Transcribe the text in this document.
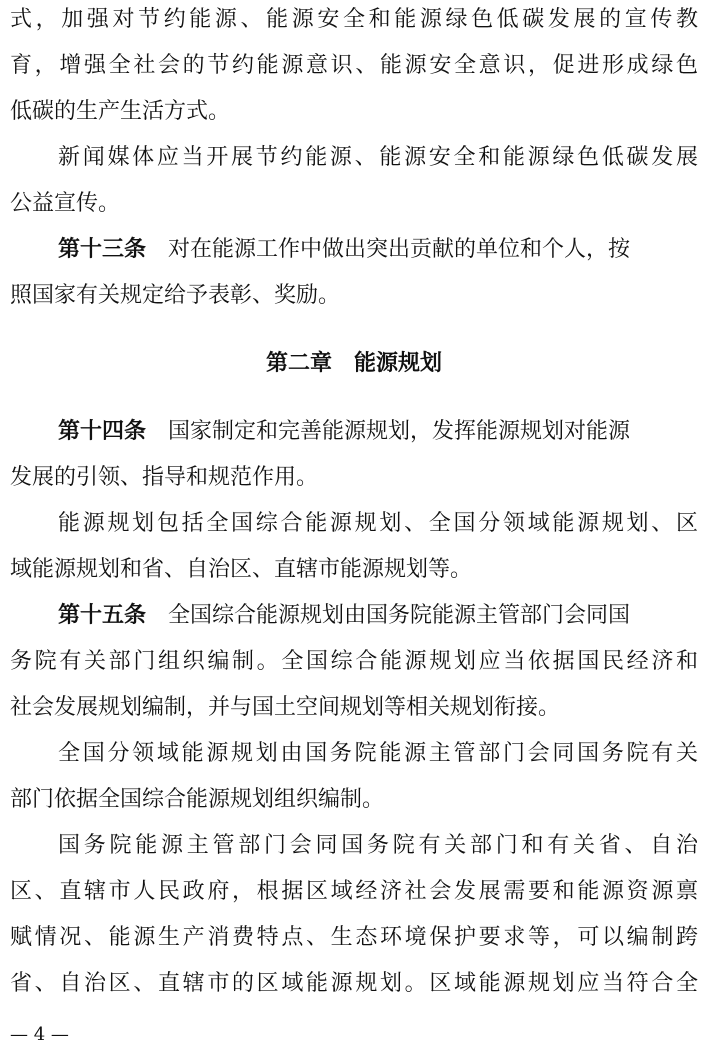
式，加强对节约能源、能源安全和能源绿色低碳发展的宣传教
育，增强全社会的节约能源意识、能源安全意识，促进形成绿色
低碳的生产生活方式。
新闻媒体应当开展节约能源、能源安全和能源绿色低碳发展
公益宣传。
第十三条 对在能源工作中做出突出贡献的单位和个人，按
照国家有关规定给予表彰、奖励。
第二章　能源规划
第十四条 国家制定和完善能源规划，发挥能源规划对能源
发展的引领、指导和规范作用。
能源规划包括全国综合能源规划、全国分领域能源规划、区
域能源规划和省、自治区、直辖市能源规划等。
第十五条 全国综合能源规划由国务院能源主管部门会同国
务院有关部门组织编制。全国综合能源规划应当依据国民经济和
社会发展规划编制，并与国土空间规划等相关规划衔接。
全国分领域能源规划由国务院能源主管部门会同国务院有关
部门依据全国综合能源规划组织编制。
国务院能源主管部门会同国务院有关部门和有关省、自治
区、直辖市人民政府，根据区域经济社会发展需要和能源资源禀
赋情况、能源生产消费特点、生态环境保护要求等，可以编制跨
省、自治区、直辖市的区域能源规划。区域能源规划应当符合全
— 4 —
